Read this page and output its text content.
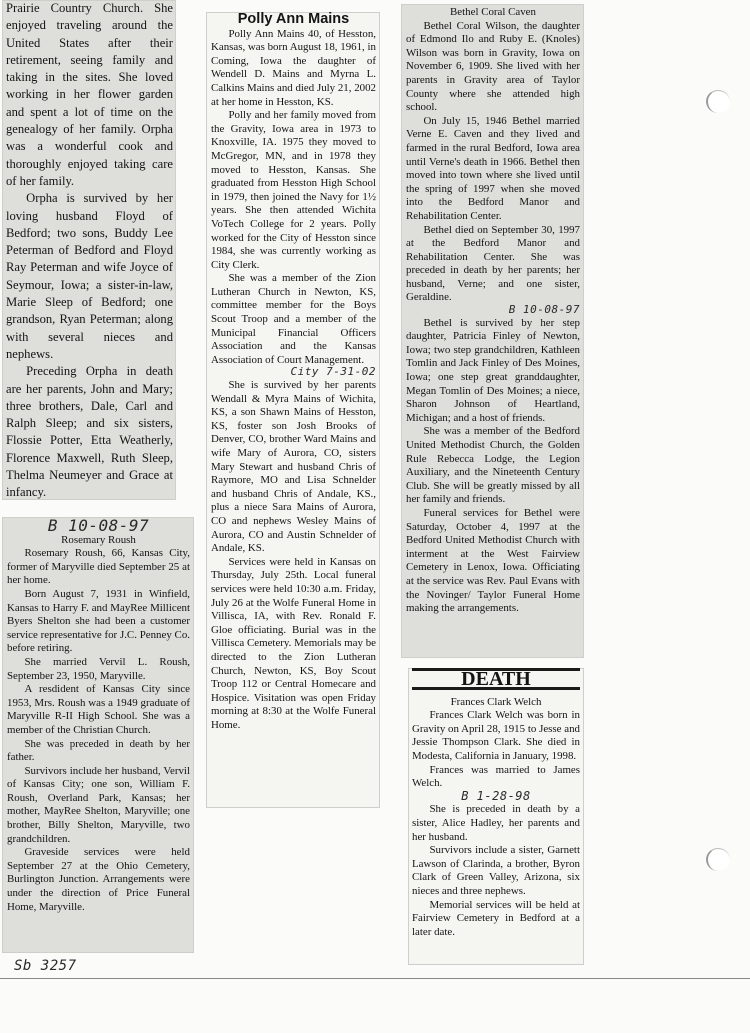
Prairie Country Church. She enjoyed traveling around the United States after their retirement, seeing family and taking in the sites. She loved working in her flower garden and spent a lot of time on the genealogy of her family. Orpha was a wonderful cook and thoroughly enjoyed taking care of her family.

Orpha is survived by her loving husband Floyd of Bedford; two sons, Buddy Lee Peterman of Bedford and Floyd Ray Peterman and wife Joyce of Seymour, Iowa; a sister-in-law, Marie Sleep of Bedford; one grandson, Ryan Peterman; along with several nieces and nephews.

Preceding Orpha in death are her parents, John and Mary; three brothers, Dale, Carl and Ralph Sleep; and six sisters, Flossie Potter, Etta Weatherly, Florence Maxwell, Ruth Sleep, Thelma Neumeyer and Grace at infancy.

B 10-08-97

Rosemary Roush

Rosemary Roush, 66, Kansas City, former of Maryville died September 25 at her home.

Born August 7, 1931 in Winfield, Kansas to Harry F. and MayRee Millicent Byers Shelton she had been a customer service representative for J.C. Penney Co. before retiring.

She married Vervil L. Roush, September 23, 1950, Maryville.

A resdident of Kansas City since 1953, Mrs. Roush was a 1949 graduate of Maryville R-II High School. She was a member of the Christian Church.

She was preceded in death by her father.

Survivors include her husband, Vervil of Kansas City; one son, William F. Roush, Overland Park, Kansas; her mother, MayRee Shelton, Maryville; one brother, Billy Shelton, Maryville, two grandchildren.

Graveside services were held September 27 at the Ohio Cemetery, Burlington Junction. Arrangements were under the direction of Price Funeral Home, Maryville.

Polly Ann Mains

Polly Ann Mains 40, of Hesston, Kansas, was born August 18, 1961, in Coming, Iowa the daughter of Wendell D. Mains and Myrna L. Calkins Mains and died July 21, 2002 at her home in Hesston, KS.

Polly and her family moved from the Gravity, Iowa area in 1973 to Knoxville, IA. 1975 they moved to McGregor, MN, and in 1978 they moved to Hesston, Kansas. She graduated from Hesston High School in 1979, then joined the Navy for 1½ years. She then attended Wichita VoTech College for 2 years. Polly worked for the City of Hesston since 1984, she was currently working as City Clerk.

She was a member of the Zion Lutheran Church in Newton, KS, committee member for the Boys Scout Troop and a member of the Municipal Financial Officers Association and the Kansas Association of Court Management.

City 7-31-02

She is survived by her parents Wendall & Myra Mains of Wichita, KS, a son Shawn Mains of Hesston, KS, foster son Josh Brooks of Denver, CO, brother Ward Mains and wife Mary of Aurora, CO, sisters Mary Stewart and husband Chris of Raymore, MO and Lisa Schnelder and husband Chris of Andale, KS., plus a niece Sara Mains of Aurora, CO and nephews Wesley Mains of Aurora, CO and Austin Schnelder of Andale, KS.

Services were held in Kansas on Thursday, July 25th. Local funeral services were held 10:30 a.m. Friday, July 26 at the Wolfe Funeral Home in Villisca, IA, with Rev. Ronald F. Gloe officiating. Burial was in the Villisca Cemetery. Memorials may be directed to the Zion Lutheran Church, Newton, KS, Boy Scout Troop 112 or Central Homecare and Hospice. Visitation was open Friday morning at 8:30 at the Wolfe Funeral Home.

Bethel Coral Caven

Bethel Coral Wilson, the daughter of Edmond Ilo and Ruby E. (Knoles) Wilson was born in Gravity, Iowa on November 6, 1909. She lived with her parents in Gravity area of Taylor County where she attended high school.

On July 15, 1946 Bethel married Verne E. Caven and they lived and farmed in the rural Bedford, Iowa area until Verne's death in 1966. Bethel then moved into town where she lived until the spring of 1997 when she moved into the Bedford Manor and Rehabilitation Center.

Bethel died on September 30, 1997 at the Bedford Manor and Rehabilitation Center. She was preceded in death by her parents; her husband, Verne; and one sister, Geraldine.

B 10-08-97

Bethel is survived by her step daughter, Patricia Finley of Newton, Iowa; two step grandchildren, Kathleen Tomlin and Jack Finley of Des Moines, Iowa; one step great granddaughter, Megan Tomlin of Des Moines; a niece, Sharon Johnson of Heartland, Michigan; and a host of friends.

She was a member of the Bedford United Methodist Church, the Golden Rule Rebecca Lodge, the Legion Auxiliary, and the Nineteenth Century Club. She will be greatly missed by all her family and friends.

Funeral services for Bethel were Saturday, October 4, 1997 at the Bedford United Methodist Church with interment at the West Fairview Cemetery in Lenox, Iowa. Officiating at the service was Rev. Paul Evans with the Novinger/ Taylor Funeral Home making the arrangements.

DEATH

Frances Clark Welch

Frances Clark Welch was born in Gravity on April 28, 1915 to Jesse and Jessie Thompson Clark. She died in Modesta, California in January, 1998.

Frances was married to James Welch.

B 1-28-98

She is preceded in death by a sister, Alice Hadley, her parents and her husband.

Survivors include a sister, Garnett Lawson of Clarinda, a brother, Byron Clark of Green Valley, Arizona, six nieces and three nephews.

Memorial services will be held at Fairview Cemetery in Bedford at a later date.

Sb 3257
